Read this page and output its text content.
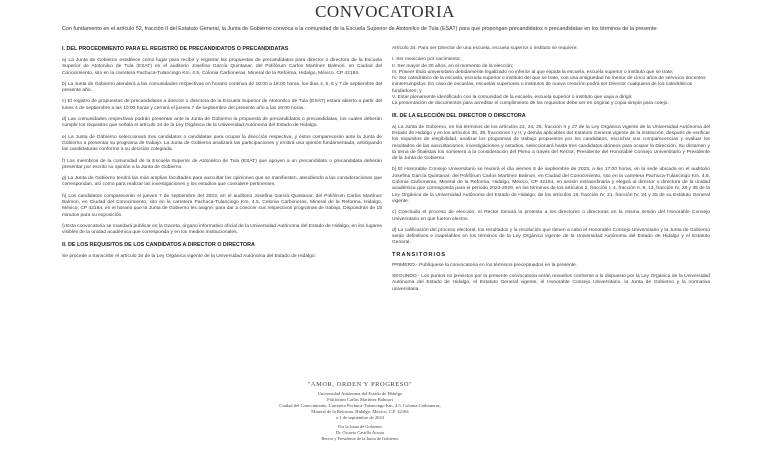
CONVOCATORIA
Con fundamento en el artículo 52, fracción II del Estatuto General, la Junta de Gobierno convoca a la comunidad de la Escuela Superior de Atotonilco de Tula (ESAT) para que propongan precandidatos o precandidatas en los términos de la presente:
I. DEL PROCEDIMIENTO PARA EL REGISTRO DE PRECANDIDATOS O PRECANDIDATAS
a) La Junta de Gobierno establece como lugar para recibir y registrar las propuestas de precandidatos para director o directora de la Escuela Superior de Atotonilco de Tula (ESAT) en el auditorio Josefina García Quintanar, del Polifórum Carlos Martínez Balmori, en Ciudad del Conocimiento, sito en la carretera Pachuca-Tulancingo Km. 4.5, Colonia Carboneras, Mineral de la Reforma, Hidalgo, México, CP 42184.
b) La Junta de Gobierno atenderá a las comunidades respectivas en horario continuo de 10:00 a 18:00 horas, los días 4, 5, 6 y 7 de septiembre del presente año.
c) El registro de propuestas de precandidatos a director o directora de la Escuela Superior de Atotonilco de Tula (ESAT) estará abierto a partir del lunes 4 de septiembre a las 10:00 horas y cerrará el jueves 7 de septiembre del presente año a las 18:00 horas.
d) Las comunidades respectivas podrán presentar ante la Junta de Gobierno la propuesta de precandidatos o precandidatas, los cuales deberán cumplir los requisitos que señala el artículo 34 de la Ley Orgánica de la Universidad Autónoma del Estado de Hidalgo.
e) La Junta de Gobierno seleccionará tres candidatos o candidatas para ocupar la dirección respectiva, y éstos comparecerán ante la Junta de Gobierno a presentar su programa de trabajo. La Junta de Gobierno analizará las participaciones y emitirá una opinión fundamentada, anticipando las candidaturas conforme a su decisión colegiada.
f) Los miembros de la comunidad de la Escuela Superior de Atotonilco de Tula (ESAT) que apoyen a un precandidato o precandidata deberán presentar por escrito su opinión a la Junta de Gobierno.
g) La Junta de Gobierno tendrá las más amplias facultades para auscultar las opiniones que se manifiesten, atendiendo a las consideraciones que correspondan, así como para realizar las investigaciones y los estudios que considere pertinentes.
h) Los candidatos comparecerán el jueves 7 de septiembre del 2023, en el auditorio Josefina García Quintanar, del Polifórum Carlos Martínez Balmori, en Ciudad del Conocimiento, sito en la carretera Pachuca-Tulancingo Km. 4.5, Colonia Carboneras, Mineral de la Reforma, Hidalgo, México, CP 42184, en el horario que la Junta de Gobierno les asigne, para dar a conocer sus respectivos programas de trabajo. Dispondrán de 15 minutos para su exposición.
i) Esta convocatoria se mandará publicar en la Gaceta, órgano informativo oficial de la Universidad Autónoma del Estado de Hidalgo, en los lugares visibles de la unidad académica que corresponda y en los medios institucionales.
II. DE LOS REQUISITOS DE LOS CANDIDATOS A DIRECTOR O DIRECTORA
Se procede a transcribir el artículo 34 de la Ley Orgánica vigente de la Universidad Autónoma del Estado de Hidalgo:
Artículo 34. Para ser Director de una escuela, escuela superior o instituto se requiere:
I. Ser mexicano por nacimiento;
II. Ser mayor de 30 años, en el momento de la elección;
III. Poseer título universitario debidamente legalizado no inferior al que expida la escuela, escuela superior o instituto que se trate;
IV. Ser catedrático de la escuela, escuela superior o instituto del que se trate, con una antigüedad no menor de cinco años de servicios docentes ininterrumpidos. En caso de escuelas, escuelas superiores o institutos de nueva creación podrá ser Director cualquiera de los catedráticos fundadores; y
V. Estar plenamente identificado con la comunidad de la escuela, escuela superior o instituto que vaya a dirigir.
La presentación de documentos para acreditar el cumplimiento de los requisitos debe ser en original y copia simple para cotejo.
III. DE LA ELECCIÓN DEL DIRECTOR O DIRECTORA
a) La Junta de Gobierno, en los términos de los artículos 22, 24, 25, fracción II y 27 de la Ley Orgánica vigente de la Universidad Autónoma del Estado de Hidalgo y en los artículos 36, 39, fracciones I y II, y demás aplicables del Estatuto General vigente de la institución, después de verificar los requisitos de elegibilidad, analizar los programas de trabajo propuestos por los candidatos, escuchar sus comparecencias y evaluar los resultados de las auscultaciones, investigaciones y estudios, seleccionará hasta tres candidatos idóneos para ocupar la Dirección. Su dictamen y la terna de finalistas los someterá a la consideración del Pleno a través del Rector, Presidente del Honorable Consejo Universitario y Presidente de la Junta de Gobierno.
b) El Honorable Consejo Universitario se reunirá el día viernes 8 de septiembre de 2023, a las 17:00 horas, en la sede ubicada en el auditorio Josefina García Quintanar, del Polifórum Carlos Martínez Balmori, en Ciudad del Conocimiento, sito en la carretera Pachuca-Tulancingo Km. 4.5, Colonia Carboneras, Mineral de la Reforma, Hidalgo, México, CP 42184, en sesión extraordinaria y elegirá al director o directora de la unidad académica que corresponda para el periodo 2023-2029, en los términos de los artículos 2, fracción I, 4, fracción II, 9, 13, fracción IV, 28 y 35 de la Ley Orgánica de la Universidad Autónoma del Estado de Hidalgo, de los artículos 18, fracción IV, 21, fracción IV, 24 y 25 de su Estatuto General vigente.
c) Concluido el proceso de elección, el Rector tomará la protesta a los directores o directoras en la misma sesión del Honorable Consejo Universitario en que fueron electos.
d) La calificación del proceso electoral, los resultados y la resolución que tienen a cabo el Honorable Consejo Universitario y la Junta de Gobierno serán definitivos e inapelables en los términos de la Ley Orgánica vigente de la Universidad Autónoma del Estado de Hidalgo y el Estatuto General.
TRANSITORIOS
PRIMERO.- Publíquese la convocatoria en los términos preceptuados en la presente.
SEGUNDO.- Los puntos no previstos por la presente convocatoria serán resueltos conforme a lo dispuesto por la Ley Orgánica de la Universidad Autónoma del Estado de Hidalgo, el Estatuto General vigente, el Honorable Consejo Universitario, la Junta de Gobierno y la normativa universitaria.
"AMOR, ORDEN Y PROGRESO"
Universidad Autónoma del Estado de Hidalgo
Polifórum Carlos Martínez Balmori
Ciudad del Conocimiento, Carretera Pachuca-Tulancingo Km. 4.5, Colonia Carboneras,
Mineral de la Reforma, Hidalgo, México, C.P. 42184
a 1 de septiembre de 2023
Por la Junta de Gobierno
Dr. Octavio Castillo Acosta
Rector y Presidente de la Junta de Gobierno
